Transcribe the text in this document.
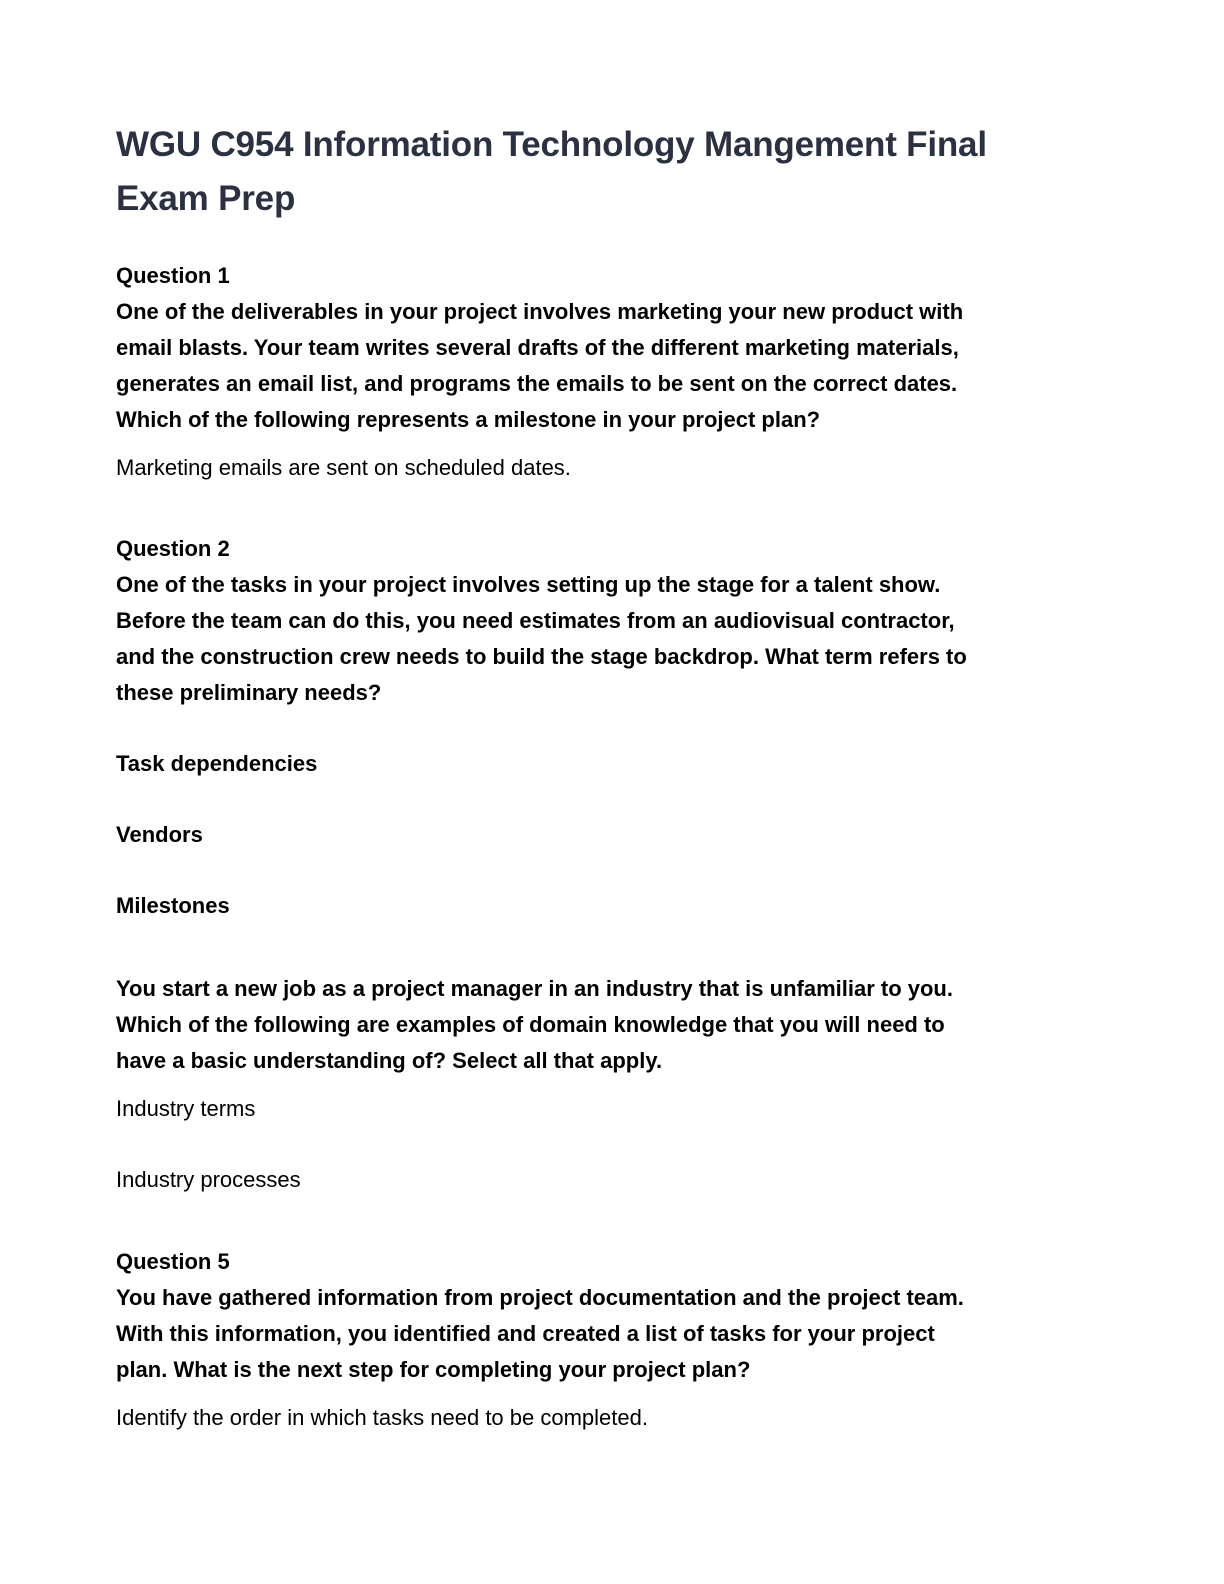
WGU C954 Information Technology Mangement Final Exam Prep
Question 1

One of the deliverables in your project involves marketing your new product with

email blasts. Your team writes several drafts of the different marketing materials,

generates an email list, and programs the emails to be sent on the correct dates.

Which of the following represents a milestone in your project plan?

Marketing emails are sent on scheduled dates.

Question 2

One of the tasks in your project involves setting up the stage for a talent show.

Before the team can do this, you need estimates from an audiovisual contractor,

and the construction crew needs to build the stage backdrop. What term refers to

these preliminary needs?

Task dependencies

Vendors

Milestones

You start a new job as a project manager in an industry that is unfamiliar to you.

Which of the following are examples of domain knowledge that you will need to

have a basic understanding of? Select all that apply.

Industry terms

Industry processes

Question 5

You have gathered information from project documentation and the project team.

With this information, you identified and created a list of tasks for your project

plan. What is the next step for completing your project plan?

Identify the order in which tasks need to be completed.
